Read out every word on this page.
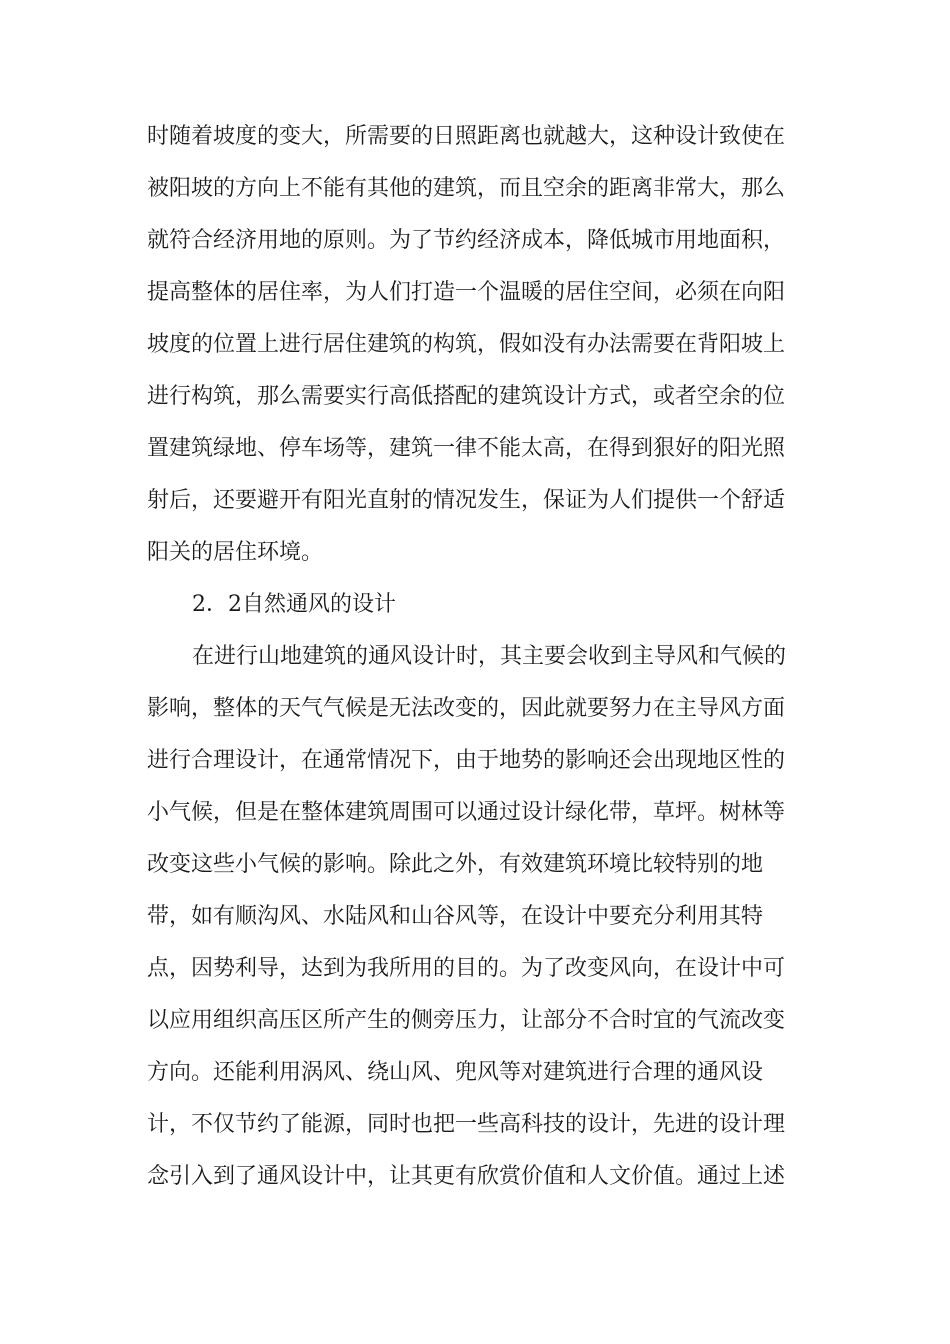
时随着坡度的变大，所需要的日照距离也就越大，这种设计致使在
被阳坡的方向上不能有其他的建筑，而且空余的距离非常大，那么
就符合经济用地的原则。为了节约经济成本，降低城市用地面积，
提高整体的居住率，为人们打造一个温暖的居住空间，必须在向阳
坡度的位置上进行居住建筑的构筑，假如没有办法需要在背阳坡上
进行构筑，那么需要实行高低搭配的建筑设计方式，或者空余的位
置建筑绿地、停车场等，建筑一律不能太高，在得到狠好的阳光照
射后，还要避开有阳光直射的情况发生，保证为人们提供一个舒适
阳关的居住环境。
2．2自然通风的设计
在进行山地建筑的通风设计时，其主要会收到主导风和气候的
影响，整体的天气气候是无法改变的，因此就要努力在主导风方面
进行合理设计，在通常情况下，由于地势的影响还会出现地区性的
小气候，但是在整体建筑周围可以通过设计绿化带，草坪。树林等
改变这些小气候的影响。除此之外，有效建筑环境比较特别的地
带，如有顺沟风、水陆风和山谷风等，在设计中要充分利用其特
点，因势利导，达到为我所用的目的。为了改变风向，在设计中可
以应用组织高压区所产生的侧旁压力，让部分不合时宜的气流改变
方向。还能利用涡风、绕山风、兜风等对建筑进行合理的通风设
计，不仅节约了能源，同时也把一些高科技的设计，先进的设计理
念引入到了通风设计中，让其更有欣赏价值和人文价值。通过上述
